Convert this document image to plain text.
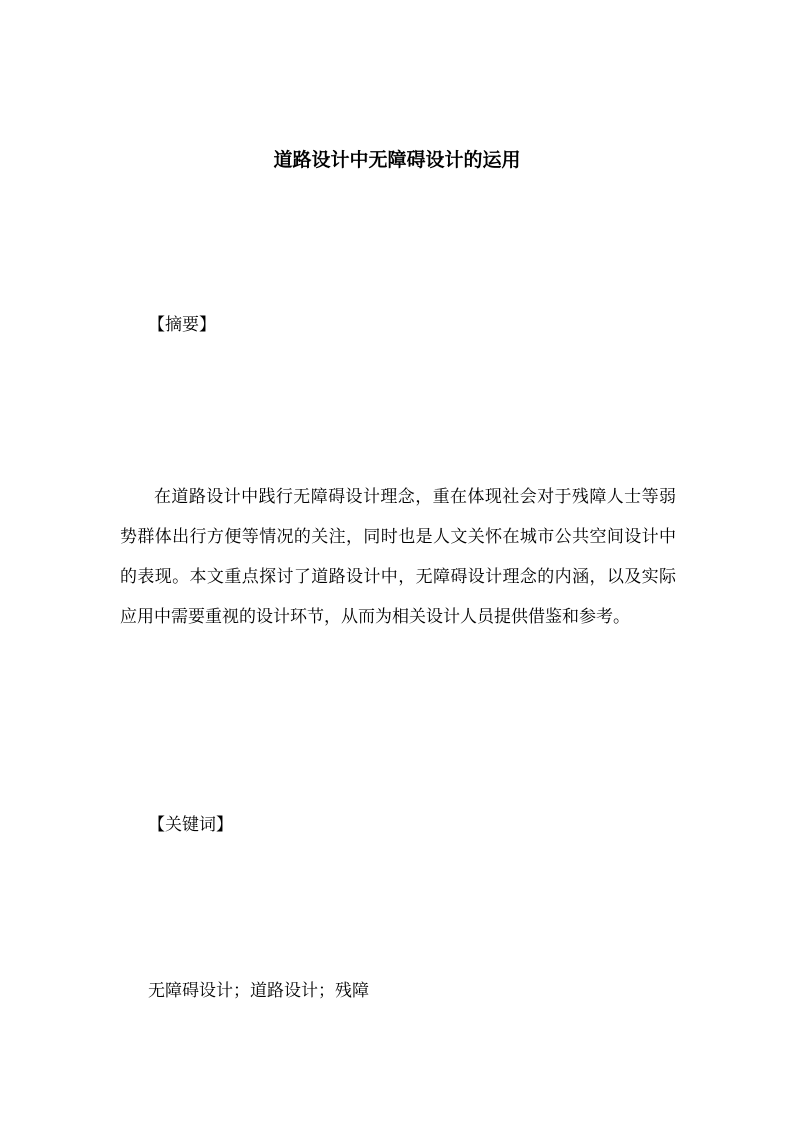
道路设计中无障碍设计的运用
【摘要】

在道路设计中践行无障碍设计理念，重在体现社会对于残障人士等弱势群体出行方便等情况的关注，同时也是人文关怀在城市公共空间设计中的表现。本文重点探讨了道路设计中，无障碍设计理念的内涵，以及实际应用中需要重视的设计环节，从而为相关设计人员提供借鉴和参考。

【关键词】

无障碍设计；道路设计；残障
